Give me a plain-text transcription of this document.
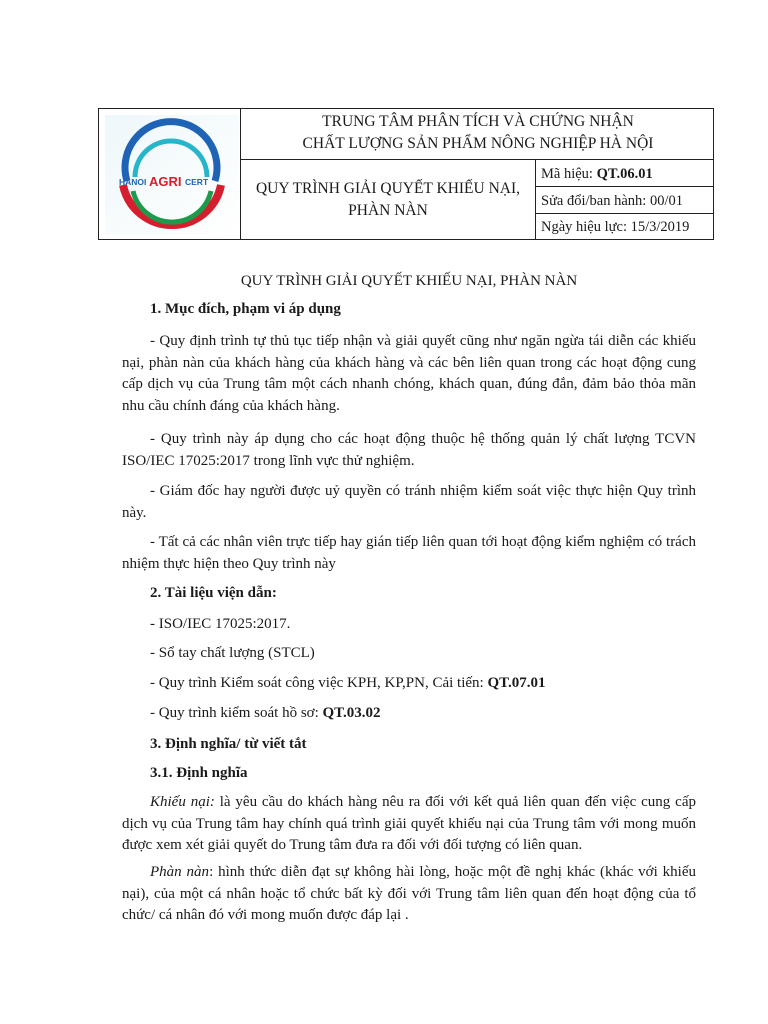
HANOI AGRI CERT
TRUNG TÂM PHÂN TÍCH VÀ CHỨNG NHẬN
CHẤT LƯỢNG SẢN PHẨM NÔNG NGHIỆP HÀ NỘI
QUY TRÌNH GIẢI QUYẾT KHIẾU NẠI, PHÀN NÀN
Mã hiệu: QT.06.01
Sửa đổi/ban hành: 00/01
Ngày hiệu lực: 15/3/2019
QUY TRÌNH GIẢI QUYẾT KHIẾU NẠI, PHÀN NÀN
1. Mục đích, phạm vi áp dụng
- Quy định trình tự thủ tục tiếp nhận và giải quyết cũng như ngăn ngừa tái diễn các khiếu nại, phàn nàn của khách hàng của khách hàng và các bên liên quan trong các hoạt động cung cấp dịch vụ của Trung tâm một cách nhanh chóng, khách quan, đúng đắn, đảm bảo thỏa mãn nhu cầu chính đáng của khách hàng.
- Quy trình này áp dụng cho các hoạt động thuộc hệ thống quản lý chất lượng TCVN ISO/IEC 17025:2017 trong lĩnh vực thử nghiệm.
- Giám đốc hay người được uỷ quyền có tránh nhiệm kiểm soát việc thực hiện Quy trình này.
- Tất cả các nhân viên trực tiếp hay gián tiếp liên quan tới hoạt động kiểm nghiệm có trách nhiệm thực hiện theo Quy trình này
2. Tài liệu viện dẫn:
- ISO/IEC 17025:2017.
- Sổ tay chất lượng (STCL)
- Quy trình Kiểm soát công việc KPH, KP,PN, Cải tiến: QT.07.01
- Quy trình kiểm soát hồ sơ: QT.03.02
3. Định nghĩa/ từ viết tắt
3.1. Định nghĩa
Khiếu nại: là yêu cầu do khách hàng nêu ra đối với kết quả liên quan đến việc cung cấp dịch vụ của Trung tâm hay chính quá trình giải quyết khiếu nại của Trung tâm với mong muốn được xem xét giải quyết do Trung tâm đưa ra đối với đối tượng có liên quan.
Phàn nàn: hình thức diễn đạt sự không hài lòng, hoặc một đề nghị khác (khác với khiếu nại), của một cá nhân hoặc tổ chức bất kỳ đối với Trung tâm liên quan đến hoạt động của tổ chức/ cá nhân đó với mong muốn được đáp lại .
